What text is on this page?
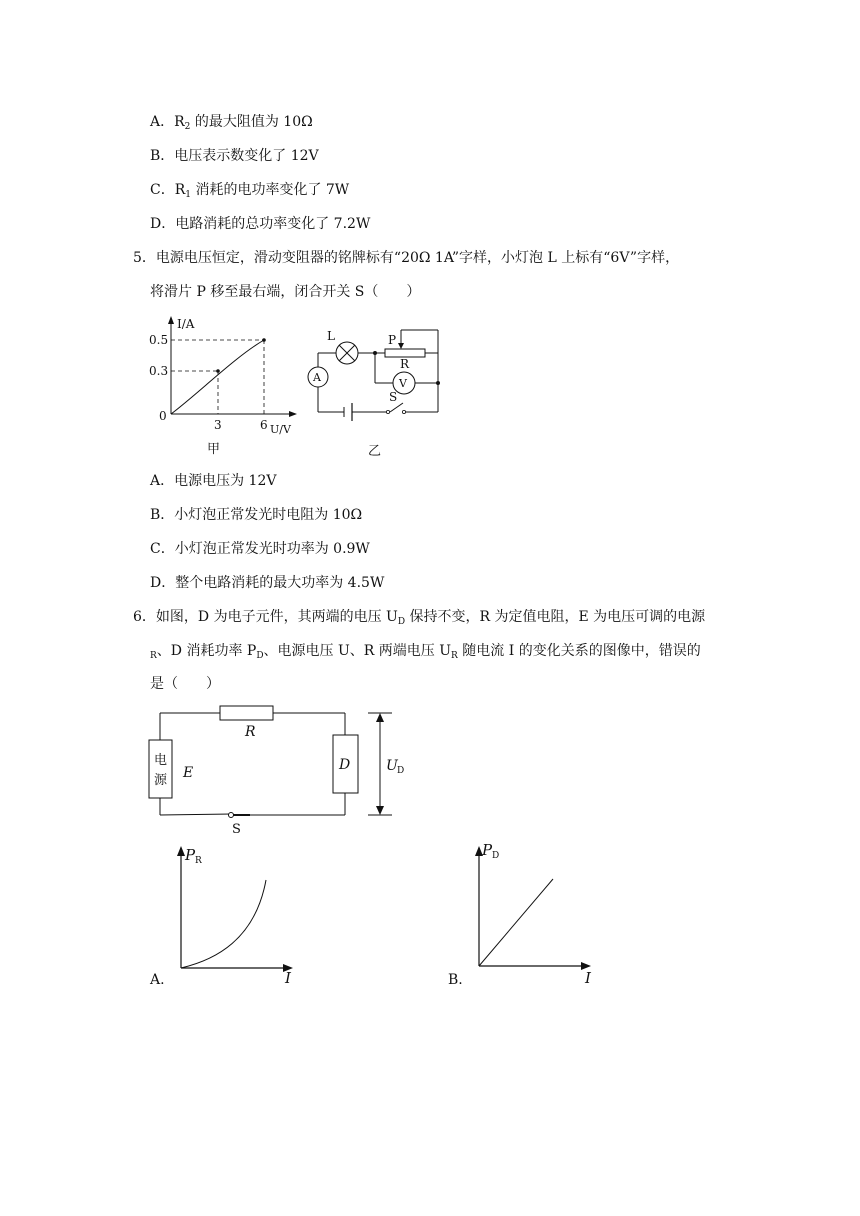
A．$R_2$ 的最大阻值为 10Ω
B．电压表示数变化了 12V
C．$R_1$ 消耗的电功率变化了 7W
D．电路消耗的总功率变化了 7.2W
5．电源电压恒定，滑动变阻器的铭牌标有“20Ω 1A”字样，小灯泡 L 上标有“6V”字样，
将滑片 P 移至最右端，闭合开关 S（　　）
I/A
0.5
0.3
0
3	6 U/V
甲
L	P
R
A	V
S
乙
A．电源电压为 12V
B．小灯泡正常发光时电阻为 10Ω
C．小灯泡正常发光时功率为 0.9W
D．整个电路消耗的最大功率为 4.5W
6．如图，D 为电子元件，其两端的电压 $U_D$ 保持不变，R 为定值电阻，E 为电压可调的电源
$_R$、D 消耗功率 $P_D$、电源电压 U、R 两端电压 $U_R$ 随电流 I 的变化关系的图像中，错误的
是（　　）
R
电
源 E	D	U D
S
P R
I
A.
P D
I
B.
